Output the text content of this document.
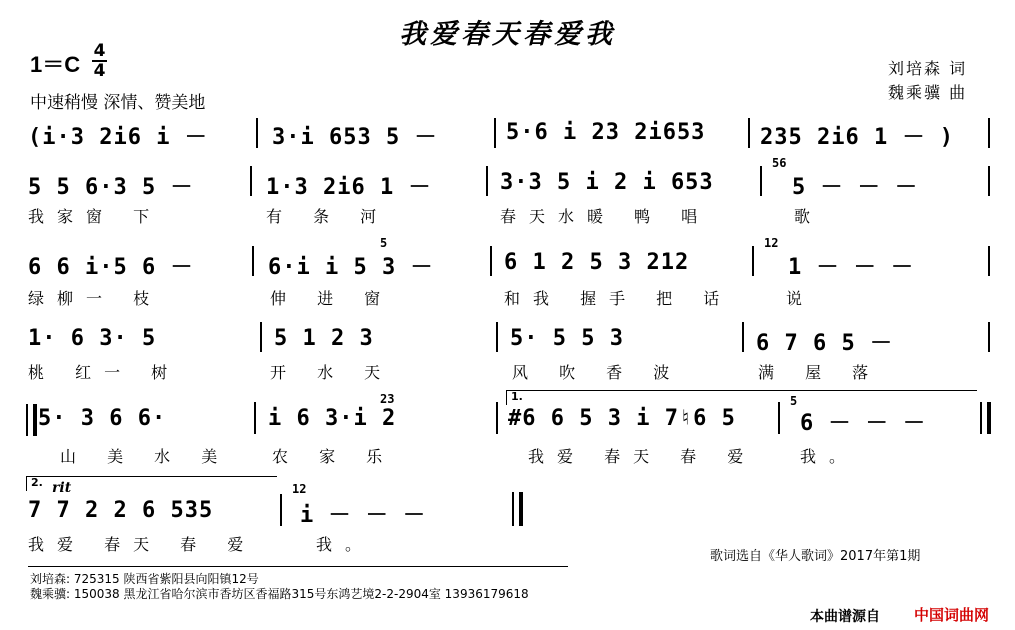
我爱春天春爱我
1＝C
4
4
中速稍慢 深情、赞美地
刘培森 词
魏乘骥 曲
(i·3 2i6 i －	3·i 653 5 －	5·6 i 23 2i653 235 2i6 1 － )
5 5 6·3 5 －	1·3 2i6 1 －	3·3 5 i 2 i 653
56
5 － － －
我家窗 下	有 条 河	春天水暖 鸭 唱	歌
6 6 i·5 6 －	6·i i 5 3 －
5
6 1 2 5 3 212
12
1 － － －
绿柳一 枝	伸 进 窗	和我 握手 把 话	说
1· 6 3· 5	5 1 2 3	5· 5 5 3	6 7 6 5 －
桃 红一 树	开 水 天	风 吹 香 波	满 屋 落
5· 3 6 6·	i 6 3·i 2
23	1.
#6 6 5 3 i 7♮6 5
5
6 － － －
山 美 水 美	农 家 乐	我爱 春天 春 爱	我。
2. rit
7 7 2 2 6 535
12
i － － －
我爱 春天 春 爱	我。
歌词选自《华人歌词》2017年第1期
刘培森: 725315 陕西省紫阳县向阳镇12号
魏乘骥: 150038 黑龙江省哈尔滨市香坊区香福路315号东鸿艺境2-2-2904室 13936179618
本曲谱源自 中国词曲网
